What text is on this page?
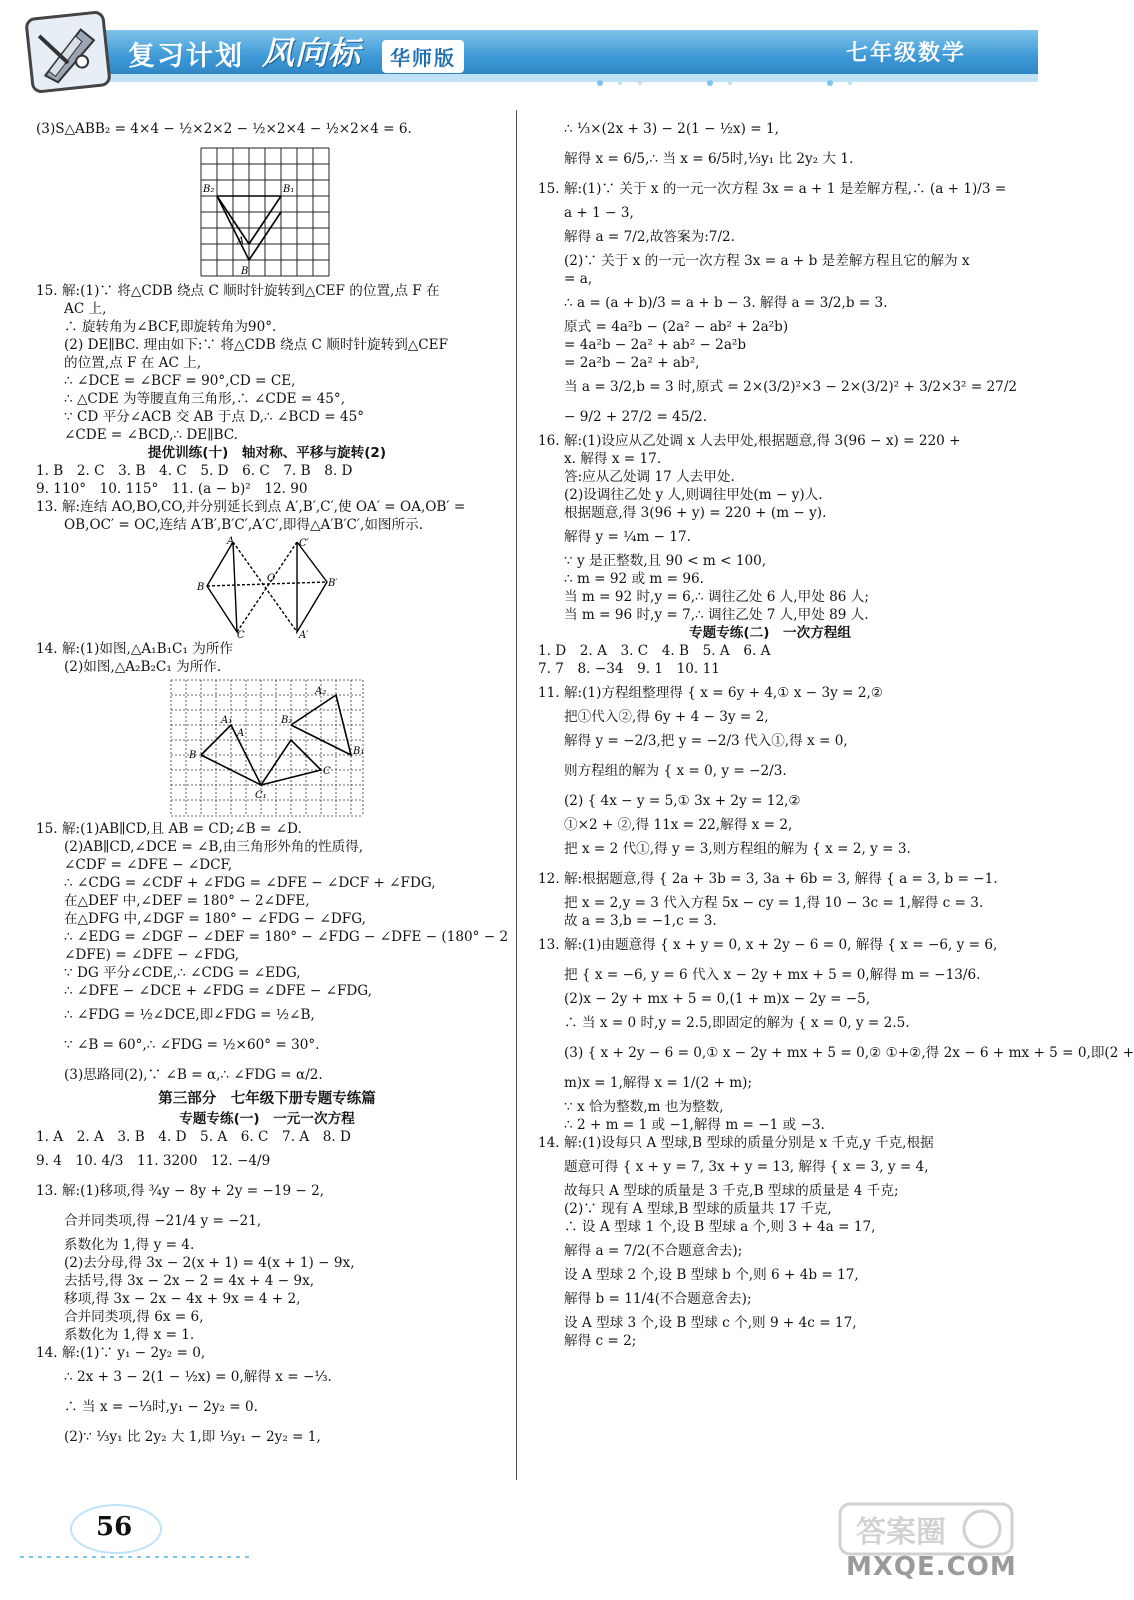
复习计划 风向标	华师版	七年级数学
(3)S△ABB₂ = 4×4 − ½×2×2 − ½×2×4 − ½×2×4 = 6.
B₂	B₁
A
B
15. 解:(1)∵ 将△CDB 绕点 C 顺时针旋转到△CEF 的位置,点 F 在
AC 上,
∴ 旋转角为∠BCF,即旋转角为90°.
(2) DE∥BC. 理由如下:∵ 将△CDB 绕点 C 顺时针旋转到△CEF
的位置,点 F 在 AC 上,
∴ ∠DCE = ∠BCF = 90°,CD = CE,
∴ △CDE 为等腰直角三角形,∴ ∠CDE = 45°,
∵ CD 平分∠ACB 交 AB 于点 D,∴ ∠BCD = 45°
∠CDE = ∠BCD,∴ DE∥BC.
提优训练(十)　轴对称、平移与旋转(2)
1. B　2. C　3. B　4. C　5. D　6. C　7. B　8. D
9. 110°　10. 115°　11. (a − b)²　12. 90
13. 解:连结 AO,BO,CO,并分别延长到点 A′,B′,C′,使 OA′ = OA,OB′ =
OB,OC′ = OC,连结 A′B′,B′C′,A′C′,即得△A′B′C′,如图所示.
A	C′
B
O	B′
C	A′
14. 解:(1)如图,△A₁B₁C₁ 为所作
(2)如图,△A₂B₂C₁ 为所作.
A₂
A₁
B₁
A
B₂
B
C
C₁
15. 解:(1)AB∥CD,且 AB = CD;∠B = ∠D.
(2)AB∥CD,∠DCE = ∠B,由三角形外角的性质得,
∠CDF = ∠DFE − ∠DCF,
∴ ∠CDG = ∠CDF + ∠FDG = ∠DFE − ∠DCF + ∠FDG,
在△DEF 中,∠DEF = 180° − 2∠DFE,
在△DFG 中,∠DGF = 180° − ∠FDG − ∠DFG,
∴ ∠EDG = ∠DGF − ∠DEF = 180° − ∠FDG − ∠DFE − (180° − 2
∠DFE) = ∠DFE − ∠FDG,
∵ DG 平分∠CDE,∴ ∠CDG = ∠EDG,
∴ ∠DFE − ∠DCE + ∠FDG = ∠DFE − ∠FDG,
∴ ∠FDG = ½∠DCE,即∠FDG = ½∠B,
∵ ∠B = 60°,∴ ∠FDG = ½×60° = 30°.
(3)思路同(2),∵ ∠B = α,∴ ∠FDG = α/2.
第三部分　七年级下册专题专练篇
专题专练(一)　一元一次方程
1. A　2. A　3. B　4. D　5. A　6. C　7. A　8. D
9. 4　10. 4/3　11. 3200　12. −4/9
13. 解:(1)移项,得 ¾y − 8y + 2y = −19 − 2,
合并同类项,得 −21/4 y = −21,
系数化为 1,得 y = 4.
(2)去分母,得 3x − 2(x + 1) = 4(x + 1) − 9x,
去括号,得 3x − 2x − 2 = 4x + 4 − 9x,
移项,得 3x − 2x − 4x + 9x = 4 + 2,
合并同类项,得 6x = 6,
系数化为 1,得 x = 1.
14. 解:(1)∵ y₁ − 2y₂ = 0,
∴ 2x + 3 − 2(1 − ½x) = 0,解得 x = −⅓.
∴ 当 x = −⅓时,y₁ − 2y₂ = 0.
(2)∵ ⅓y₁ 比 2y₂ 大 1,即 ⅓y₁ − 2y₂ = 1,
∴ ⅓×(2x + 3) − 2(1 − ½x) = 1,
解得 x = 6/5,∴ 当 x = 6/5时,⅓y₁ 比 2y₂ 大 1.
15. 解:(1)∵ 关于 x 的一元一次方程 3x = a + 1 是差解方程,∴ (a + 1)/3 =
a + 1 − 3,
解得 a = 7/2,故答案为:7/2.
(2)∵ 关于 x 的一元一次方程 3x = a + b 是差解方程且它的解为 x
= a,
∴ a = (a + b)/3 = a + b − 3. 解得 a = 3/2,b = 3.
原式 = 4a²b − (2a² − ab² + 2a²b)
= 4a²b − 2a² + ab² − 2a²b
= 2a²b − 2a² + ab²,
当 a = 3/2,b = 3 时,原式 = 2×(3/2)²×3 − 2×(3/2)² + 3/2×3² = 27/2
− 9/2 + 27/2 = 45/2.
16. 解:(1)设应从乙处调 x 人去甲处,根据题意,得 3(96 − x) = 220 +
x. 解得 x = 17.
答:应从乙处调 17 人去甲处.
(2)设调往乙处 y 人,则调往甲处(m − y)人.
根据题意,得 3(96 + y) = 220 + (m − y).
解得 y = ¼m − 17.
∵ y 是正整数,且 90 < m < 100,
∴ m = 92 或 m = 96.
当 m = 92 时,y = 6,∴ 调往乙处 6 人,甲处 86 人;
当 m = 96 时,y = 7,∴ 调往乙处 7 人,甲处 89 人.
专题专练(二)　一次方程组
1. D　2. A　3. C　4. B　5. A　6. A
7. 7　8. −34　9. 1　10. 11
11. 解:(1)方程组整理得 { x = 6y + 4,① x − 3y = 2,②
把①代入②,得 6y + 4 − 3y = 2,
解得 y = −2/3,把 y = −2/3 代入①,得 x = 0,
则方程组的解为 { x = 0, y = −2/3.
(2) { 4x − y = 5,① 3x + 2y = 12,②
①×2 + ②,得 11x = 22,解得 x = 2,
把 x = 2 代①,得 y = 3,则方程组的解为 { x = 2, y = 3.
12. 解:根据题意,得 { 2a + 3b = 3, 3a + 6b = 3, 解得 { a = 3, b = −1.
把 x = 2,y = 3 代入方程 5x − cy = 1,得 10 − 3c = 1,解得 c = 3.
故 a = 3,b = −1,c = 3.
13. 解:(1)由题意得 { x + y = 0, x + 2y − 6 = 0, 解得 { x = −6, y = 6,
把 { x = −6, y = 6 代入 x − 2y + mx + 5 = 0,解得 m = −13/6.
(2)x − 2y + mx + 5 = 0,(1 + m)x − 2y = −5,
∴ 当 x = 0 时,y = 2.5,即固定的解为 { x = 0, y = 2.5.
(3) { x + 2y − 6 = 0,① x − 2y + mx + 5 = 0,② ①+②,得 2x − 6 + mx + 5 = 0,即(2 +
m)x = 1,解得 x = 1/(2 + m);
∵ x 恰为整数,m 也为整数,
∴ 2 + m = 1 或 −1,解得 m = −1 或 −3.
14. 解:(1)设每只 A 型球,B 型球的质量分别是 x 千克,y 千克,根据
题意可得 { x + y = 7, 3x + y = 13, 解得 { x = 3, y = 4,
故每只 A 型球的质量是 3 千克,B 型球的质量是 4 千克;
(2)∵ 现有 A 型球,B 型球的质量共 17 千克,
∴ 设 A 型球 1 个,设 B 型球 a 个,则 3 + 4a = 17,
解得 a = 7/2(不合题意舍去);
设 A 型球 2 个,设 B 型球 b 个,则 6 + 4b = 17,
解得 b = 11/4(不合题意舍去);
设 A 型球 3 个,设 B 型球 c 个,则 9 + 4c = 17,
解得 c = 2;
56	答案圈
MXQE.COM
